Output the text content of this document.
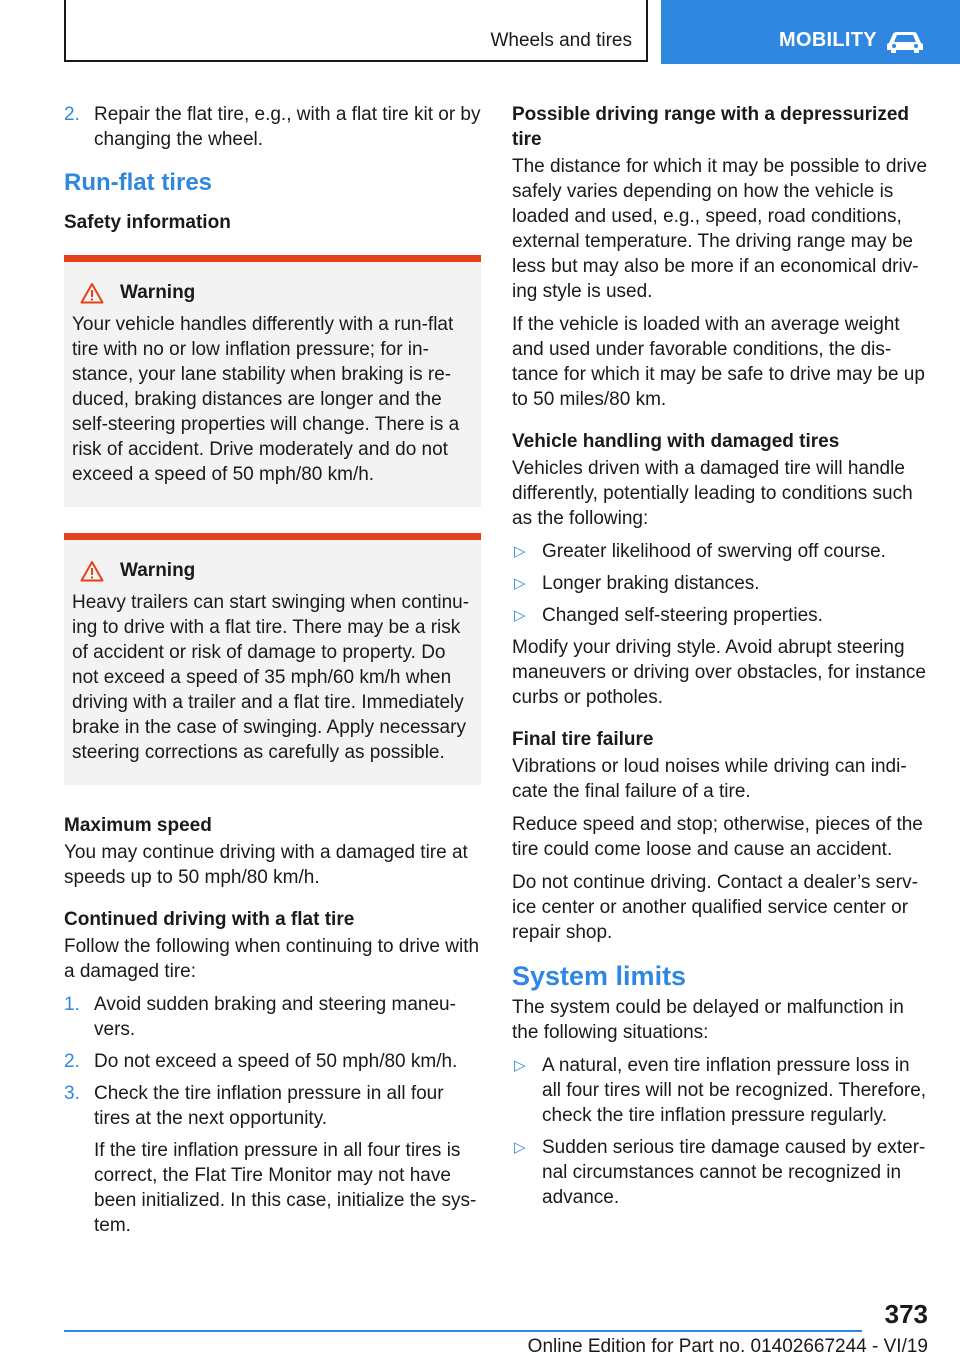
Wheels and tires	MOBILITY
2. Repair the flat tire, e.g., with a flat tire kit or by changing the wheel.
Run-flat tires
Safety information
Warning

Your vehicle handles differently with a run-flat tire with no or low inflation pressure; for in-stance, your lane stability when braking is re-duced, braking distances are longer and the self-steering properties will change. There is a risk of accident. Drive moderately and do not exceed a speed of 50 mph/80 km/h.

Warning

Heavy trailers can start swinging when continu-ing to drive with a flat tire. There may be a risk of accident or risk of damage to property. Do not exceed a speed of 35 mph/60 km/h when driving with a trailer and a flat tire. Immediately brake in the case of swinging. Apply necessary steering corrections as carefully as possible.

Maximum speed

You may continue driving with a damaged tire at speeds up to 50 mph/80 km/h.

Continued driving with a flat tire

Follow the following when continuing to drive with a damaged tire:

1. Avoid sudden braking and steering maneu-vers.
2. Do not exceed a speed of 50 mph/80 km/h.
3. Check the tire inflation pressure in all four tires at the next opportunity.

If the tire inflation pressure in all four tires is correct, the Flat Tire Monitor may not have been initialized. In this case, initialize the sys-tem.

Possible driving range with a depressurized tire

The distance for which it may be possible to drive safely varies depending on how the vehicle is loaded and used, e.g., speed, road conditions, external temperature. The driving range may be less but may also be more if an economical driv-ing style is used.

If the vehicle is loaded with an average weight and used under favorable conditions, the dis-tance for which it may be safe to drive may be up to 50 miles/80 km.

Vehicle handling with damaged tires

Vehicles driven with a damaged tire will handle differently, potentially leading to conditions such as the following:

▷ Greater likelihood of swerving off course.
▷ Longer braking distances.
▷ Changed self-steering properties.

Modify your driving style. Avoid abrupt steering maneuvers or driving over obstacles, for instance curbs or potholes.

Final tire failure

Vibrations or loud noises while driving can indi-cate the final failure of a tire.

Reduce speed and stop; otherwise, pieces of the tire could come loose and cause an accident.

Do not continue driving. Contact a dealer’s serv-ice center or another qualified service center or repair shop.

System limits

The system could be delayed or malfunction in the following situations:

▷ A natural, even tire inflation pressure loss in all four tires will not be recognized. Therefore, check the tire inflation pressure regularly.
▷ Sudden serious tire damage caused by exter-nal circumstances cannot be recognized in advance.
373
Online Edition for Part no. 01402667244 - VI/19
